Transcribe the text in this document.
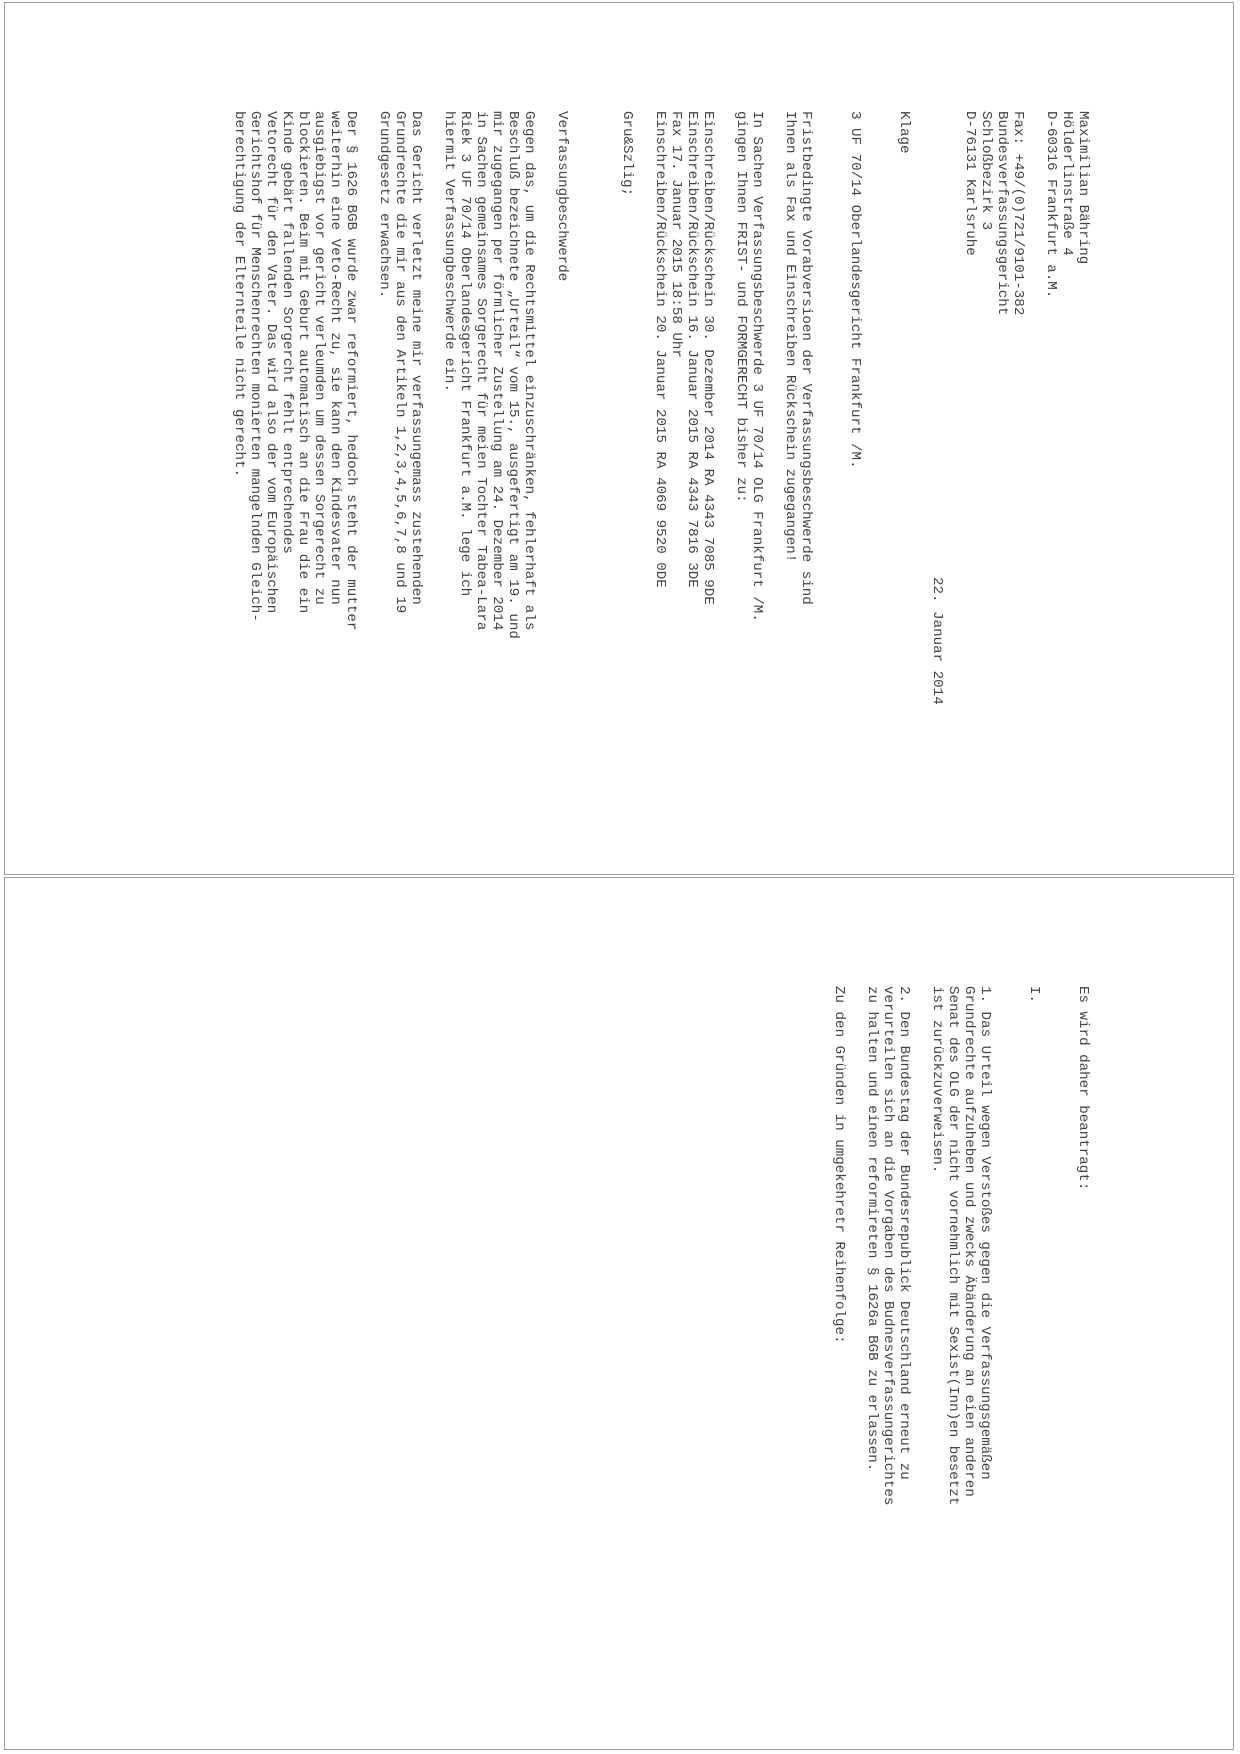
Maximilian Bähring
Hölderlinstraße 4
D-60316 Frankfurt a.M.
Fax: +49/(0)721/9101-382
Bundesverfassungsgericht
Schloßbezirk 3
D-76131 Karlsruhe
22. Januar 2014
Klage
3 UF 70/14 Oberlandesgericht Frankfurt /M.
Fristbedingte Vorabversioen der Verfassungsbeschwerde sind
Ihnen als Fax und Einschreiben Rückschein zugegangen!
In Sachen Verfassungsbeschwerde 3 UF 70/14 OLG Frankfurt /M.
gingen Ihnen FRIST- und FORMGERECHT bisher zu:
Einschreiben/Rückschein 30. Dezember 2014 RA 4343 7085 9DE
Einschreiben/Rückschein 16. Januar 2015 RA 4343 7816 3DE
Fax 17. Januar 2015 18:58 Uhr
Einschreiben/Rückschein 20. Januar 2015 RA 4069 9520 0DE
Gru&Szlig;
Verfassungbeschwerde
Gegen das, um die Rechtsmittel einzuschränken, fehlerhaft als
Beschluß bezeichnete „Urteil“ vom 15., ausgefertigt am 19. und
mir zugegangen per förmlicher Zustellung am 24. Dezember 2014
in Sachen gemeinsames Sorgerecht für meien Tochter Tabea-Lara
Riek 3 UF 70/14 Oberlandesgericht Frankfurt a.M. lege ich
hiermit Verfassungbeschwerde ein.
Das Gericht verletzt meine mir verfassungemass zustehenden
Grundrechte die mir aus den Artikeln 1,2,3,4,5,6,7,8 und 19
Grundgesetz erwachsen.
Der § 1626 BGB wurde zwar reformiert, hedoch steht der mutter
weiterhin eine Veto-Recht zu, sie kann den Kindesvater nun
ausgiebigst vor gericht verleumden um dessen Sorgerecht zu
blockieren. Beim mit Geburt automatisch an die Frau die ein
Kinde gebärt fallenden Sorgercht fehlt entprechendes
Vetorecht für den Vater. Das wird also der vom Europäischen
Gerichtshof für Menschenrechten monierten mangelnden Gleich-
berechtigung der Elternteile nicht gerecht.
Es wird daher beantragt:
I.
1. Das Urteil wegen Verstoßes gegen die Verfassungsgemäßen
Grundrechte aufzuheben und zwecks Äbänderung an eien anderen
Senat des OLG der nicht vornehmlich mit Sexist(Inn)en besetzt
ist zurückzuverweisen.
2. Den Bundestag der Bundesrepublick Deutschland erneut zu
verurteilen sich an die Vorgaben des Budnesverfassungerichtes
zu halten und einen reformireten § 1626a BGB zu erlassen.
Zu den Gründen in umgekehretr Reihenfolge:
